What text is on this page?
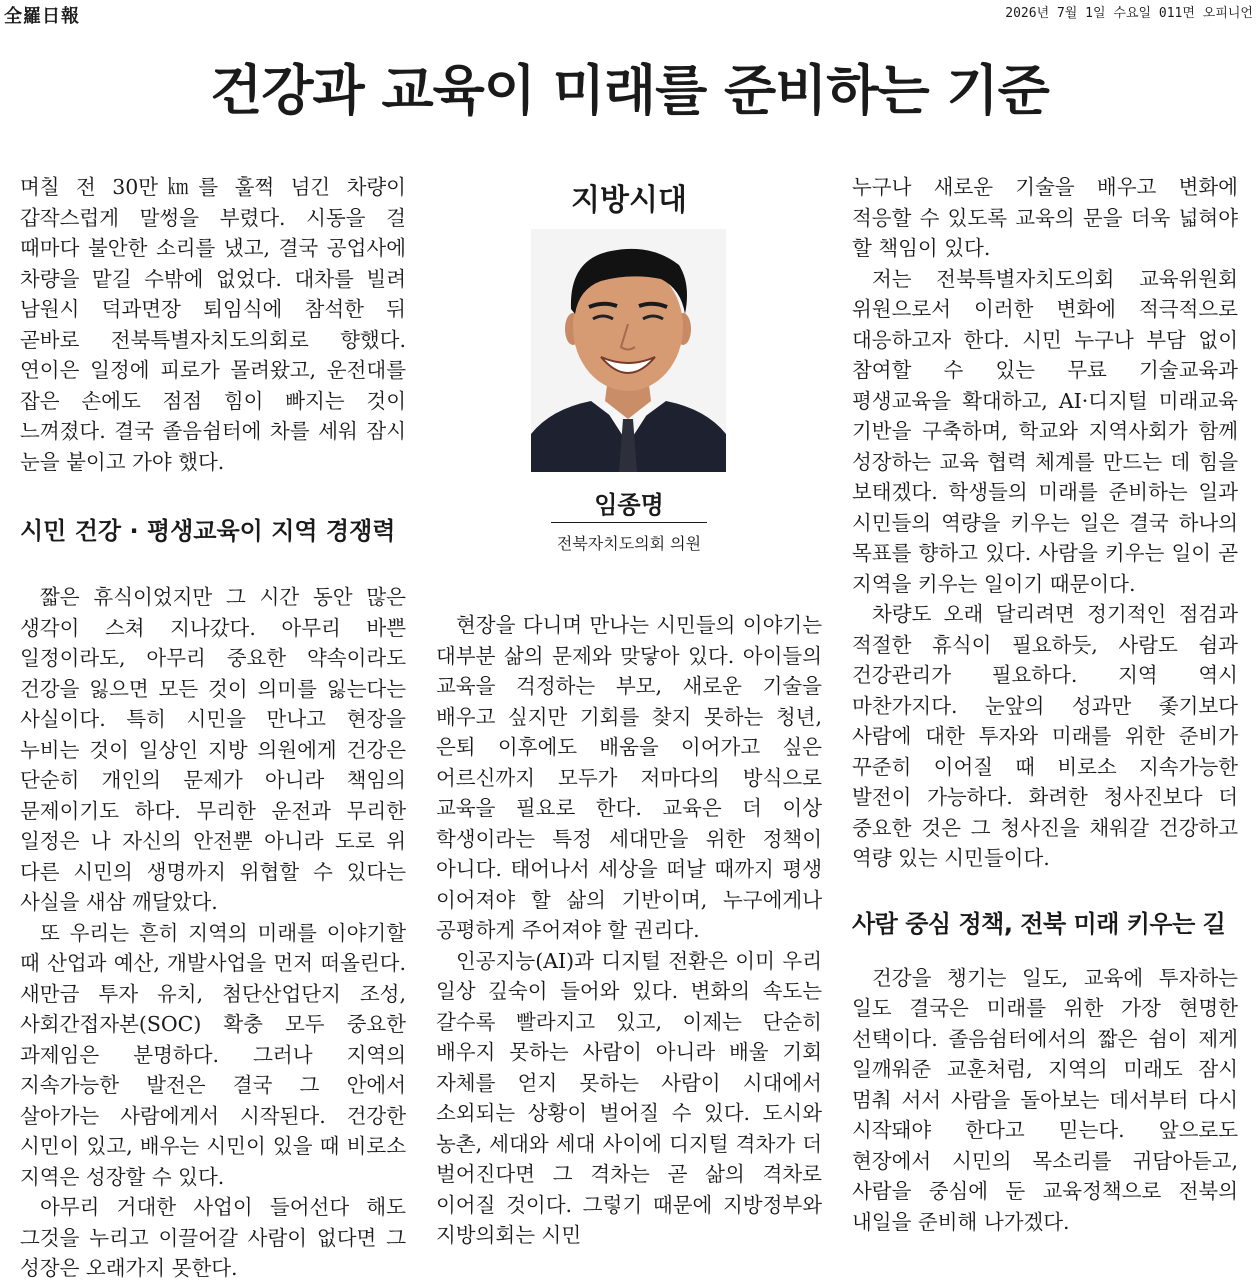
全羅日報	2026년 7월 1일 수요일 011면 오피니언
건강과 교육이 미래를 준비하는 기준

며칠 전 30만㎞를 훌쩍 넘긴 차량이 갑작스럽게 말썽을 부렸다. 시동을 걸 때마다 불안한 소리를 냈고, 결국 공업사에 차량을 맡길 수밖에 없었다. 대차를 빌려 남원시 덕과면장 퇴임식에 참석한 뒤 곧바로 전북특별자치도의회로 향했다. 연이은 일정에 피로가 몰려왔고, 운전대를 잡은 손에도 점점 힘이 빠지는 것이 느껴졌다. 결국 졸음쉼터에 차를 세워 잠시 눈을 붙이고 가야 했다.

시민 건강 · 평생교육이 지역 경쟁력

짧은 휴식이었지만 그 시간 동안 많은 생각이 스쳐 지나갔다. 아무리 바쁜 일정이라도, 아무리 중요한 약속이라도 건강을 잃으면 모든 것이 의미를 잃는다는 사실이다. 특히 시민을 만나고 현장을 누비는 것이 일상인 지방 의원에게 건강은 단순히 개인의 문제가 아니라 책임의 문제이기도 하다. 무리한 운전과 무리한 일정은 나 자신의 안전뿐 아니라 도로 위 다른 시민의 생명까지 위협할 수 있다는 사실을 새삼 깨달았다.

또 우리는 흔히 지역의 미래를 이야기할 때 산업과 예산, 개발사업을 먼저 떠올린다. 새만금 투자 유치, 첨단산업단지 조성, 사회간접자본(SOC) 확충 모두 중요한 과제임은 분명하다. 그러나 지역의 지속가능한 발전은 결국 그 안에서 살아가는 사람에게서 시작된다. 건강한 시민이 있고, 배우는 시민이 있을 때 비로소 지역은 성장할 수 있다.

아무리 거대한 사업이 들어선다 해도 그것을 누리고 이끌어갈 사람이 없다면 그 성장은 오래가지 못한다.

지방시대
임종명
전북자치도의회 의원

현장을 다니며 만나는 시민들의 이야기는 대부분 삶의 문제와 맞닿아 있다. 아이들의 교육을 걱정하는 부모, 새로운 기술을 배우고 싶지만 기회를 찾지 못하는 청년, 은퇴 이후에도 배움을 이어가고 싶은 어르신까지 모두가 저마다의 방식으로 교육을 필요로 한다. 교육은 더 이상 학생이라는 특정 세대만을 위한 정책이 아니다. 태어나서 세상을 떠날 때까지 평생 이어져야 할 삶의 기반이며, 누구에게나 공평하게 주어져야 할 권리다.

인공지능(AI)과 디지털 전환은 이미 우리 일상 깊숙이 들어와 있다. 변화의 속도는 갈수록 빨라지고 있고, 이제는 단순히 배우지 못하는 사람이 아니라 배울 기회 자체를 얻지 못하는 사람이 시대에서 소외되는 상황이 벌어질 수 있다. 도시와 농촌, 세대와 세대 사이에 디지털 격차가 더 벌어진다면 그 격차는 곧 삶의 격차로 이어질 것이다. 그렇기 때문에 지방정부와 지방의회는 시민

누구나 새로운 기술을 배우고 변화에 적응할 수 있도록 교육의 문을 더욱 넓혀야 할 책임이 있다.

저는 전북특별자치도의회 교육위원회 위원으로서 이러한 변화에 적극적으로 대응하고자 한다. 시민 누구나 부담 없이 참여할 수 있는 무료 기술교육과 평생교육을 확대하고, AI·디지털 미래교육 기반을 구축하며, 학교와 지역사회가 함께 성장하는 교육 협력 체계를 만드는 데 힘을 보태겠다. 학생들의 미래를 준비하는 일과 시민들의 역량을 키우는 일은 결국 하나의 목표를 향하고 있다. 사람을 키우는 일이 곧 지역을 키우는 일이기 때문이다.

차량도 오래 달리려면 정기적인 점검과 적절한 휴식이 필요하듯, 사람도 쉼과 건강관리가 필요하다. 지역 역시 마찬가지다. 눈앞의 성과만 좇기보다 사람에 대한 투자와 미래를 위한 준비가 꾸준히 이어질 때 비로소 지속가능한 발전이 가능하다. 화려한 청사진보다 더 중요한 것은 그 청사진을 채워갈 건강하고 역량 있는 시민들이다.

사람 중심 정책, 전북 미래 키우는 길

건강을 챙기는 일도, 교육에 투자하는 일도 결국은 미래를 위한 가장 현명한 선택이다. 졸음쉼터에서의 짧은 쉼이 제게 일깨워준 교훈처럼, 지역의 미래도 잠시 멈춰 서서 사람을 돌아보는 데서부터 다시 시작돼야 한다고 믿는다. 앞으로도 현장에서 시민의 목소리를 귀담아듣고, 사람을 중심에 둔 교육정책으로 전북의 내일을 준비해 나가겠다.
